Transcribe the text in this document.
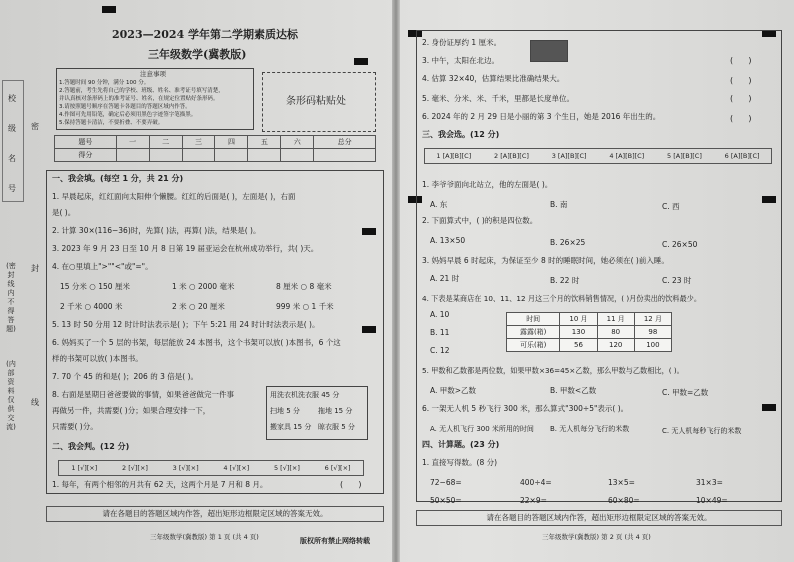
校
级
名
号
密
封
线
(密封线内不得答题)
(内部资料 仅供交流)
2023—2024 学年第二学期素质达标
三年级数学(冀教版)
注意事项
1.答题时间 90 分钟，满分 100 分。
2.答题前，考生先将自己的学校、班级、姓名、准考证号填写清楚，
并认真核对条形码上的准考证号、姓名，在规定位置贴好条形码。
3.请按照题号顺序在答题卡各题目的答题区域内作答。
4.作图可先用铅笔，确定后必须用黑色字迹签字笔描黑。
5.保持答题卡清洁，不要折叠、不要弄破。
条形码粘贴处
题号	一	二	三	四	五	六	总分
得分							
一、我会填。(每空 1 分，共 21 分)
1. 早晨起床，红红面向太阳伸个懒腰。红红的后面是( )，左面是( )，右面
是( )。
2. 计算 30×(116−36)时，先算( )法，再算( )法，结果是( )。
3. 2023 年 9 月 23 日至 10 月 8 日第 19 届亚运会在杭州成功举行，共( )天。
4. 在○里填上">""<"或"="。
15 分米 ○ 150 厘米	1 米 ○ 2000 毫米	8 厘米 ○ 8 毫米
2 千米 ○ 4000 米	2 米 ○ 20 厘米	999 米 ○ 1 千米
5. 13 时 50 分用 12 时计时法表示是( )；下午 5:21 用 24 时计时法表示是( )。
6. 妈妈买了一个 5 层的书架，每层能放 24 本图书，这个书架可以放( )本图书，6 个这
样的书架可以放( )本图书。
7. 70 个 45 的和是( )；206 的 3 倍是( )。
8. 右面是星期日爸爸要做的事情，如果爸爸做完一件事
再做另一件，共需要( )分；如果合理安排一下，
只需要( )分。
用洗衣机洗衣服 45 分
扫地 5 分	拖地 15 分
搬家具 15 分 晾衣服 5 分
二、我会判。(12 分)
1 [√][×]	2 [√][×]	3 [√][×]	4 [√][×]	5 [√][×]	6 [√][×]
1. 每年，有两个相邻的月共有 62 天，这两个月是 7 月和 8 月。	(      )
请在各题目的答题区域内作答，超出矩形边框限定区域的答案无效。
三年级数学(冀教版) 第 1 页 (共 4 页)	版权所有禁止网络转载
2. 身份证厚约 1 厘米。
3. 中午，太阳在北边。
4. 估算 32×40，估算结果比准确结果大。
5. 毫米、分米、米、千米，里都是长度单位。
6. 2024 年的 2 月 29 日是小丽的第 3 个生日，她是 2016 年出生的。
(      )
(      )
(      )
(      )
三、我会选。(12 分)
1 [A][B][C]	2 [A][B][C]	3 [A][B][C]	4 [A][B][C]	5 [A][B][C]	6 [A][B][C]
1. 李爷爷面向北站立，他的左面是( )。
A. 东	B. 南	C. 西
2. 下面算式中，( )的积是四位数。
A. 13×50	B. 26×25	C. 26×50
3. 妈妈早晨 6 时起床，为保证至少 8 时的睡眠时间，她必须在( )前入睡。
A. 21 时	B. 22 时	C. 23 时
4. 下表是某商店在 10、11、12 月这三个月的饮料销售情况，( )月份卖出的饮料最少。
A. 10
B. 11
C. 12
时间	10 月	11 月	12 月
露露(箱)	130	80	98
可乐(箱)	56	120	100
5. 甲数和乙数都是两位数，如果甲数×36=45×乙数，那么甲数与乙数相比，( )。
A. 甲数>乙数	B. 甲数<乙数	C. 甲数=乙数
6. 一架无人机 5 秒飞行 300 米，那么算式"300÷5"表示( )。
A. 无人机飞行 300 米所用的时间 B. 无人机每分飞行的米数	C. 无人机每秒飞行的米数
四、计算题。(23 分)
1. 直接写得数。(8 分)
72−68=	400÷4=	13×5=	31×3=
50×50=	22×9=	60×80=	10×49=
请在各题目的答题区域内作答，超出矩形边框限定区域的答案无效。
三年级数学(冀教版) 第 2 页 (共 4 页)
